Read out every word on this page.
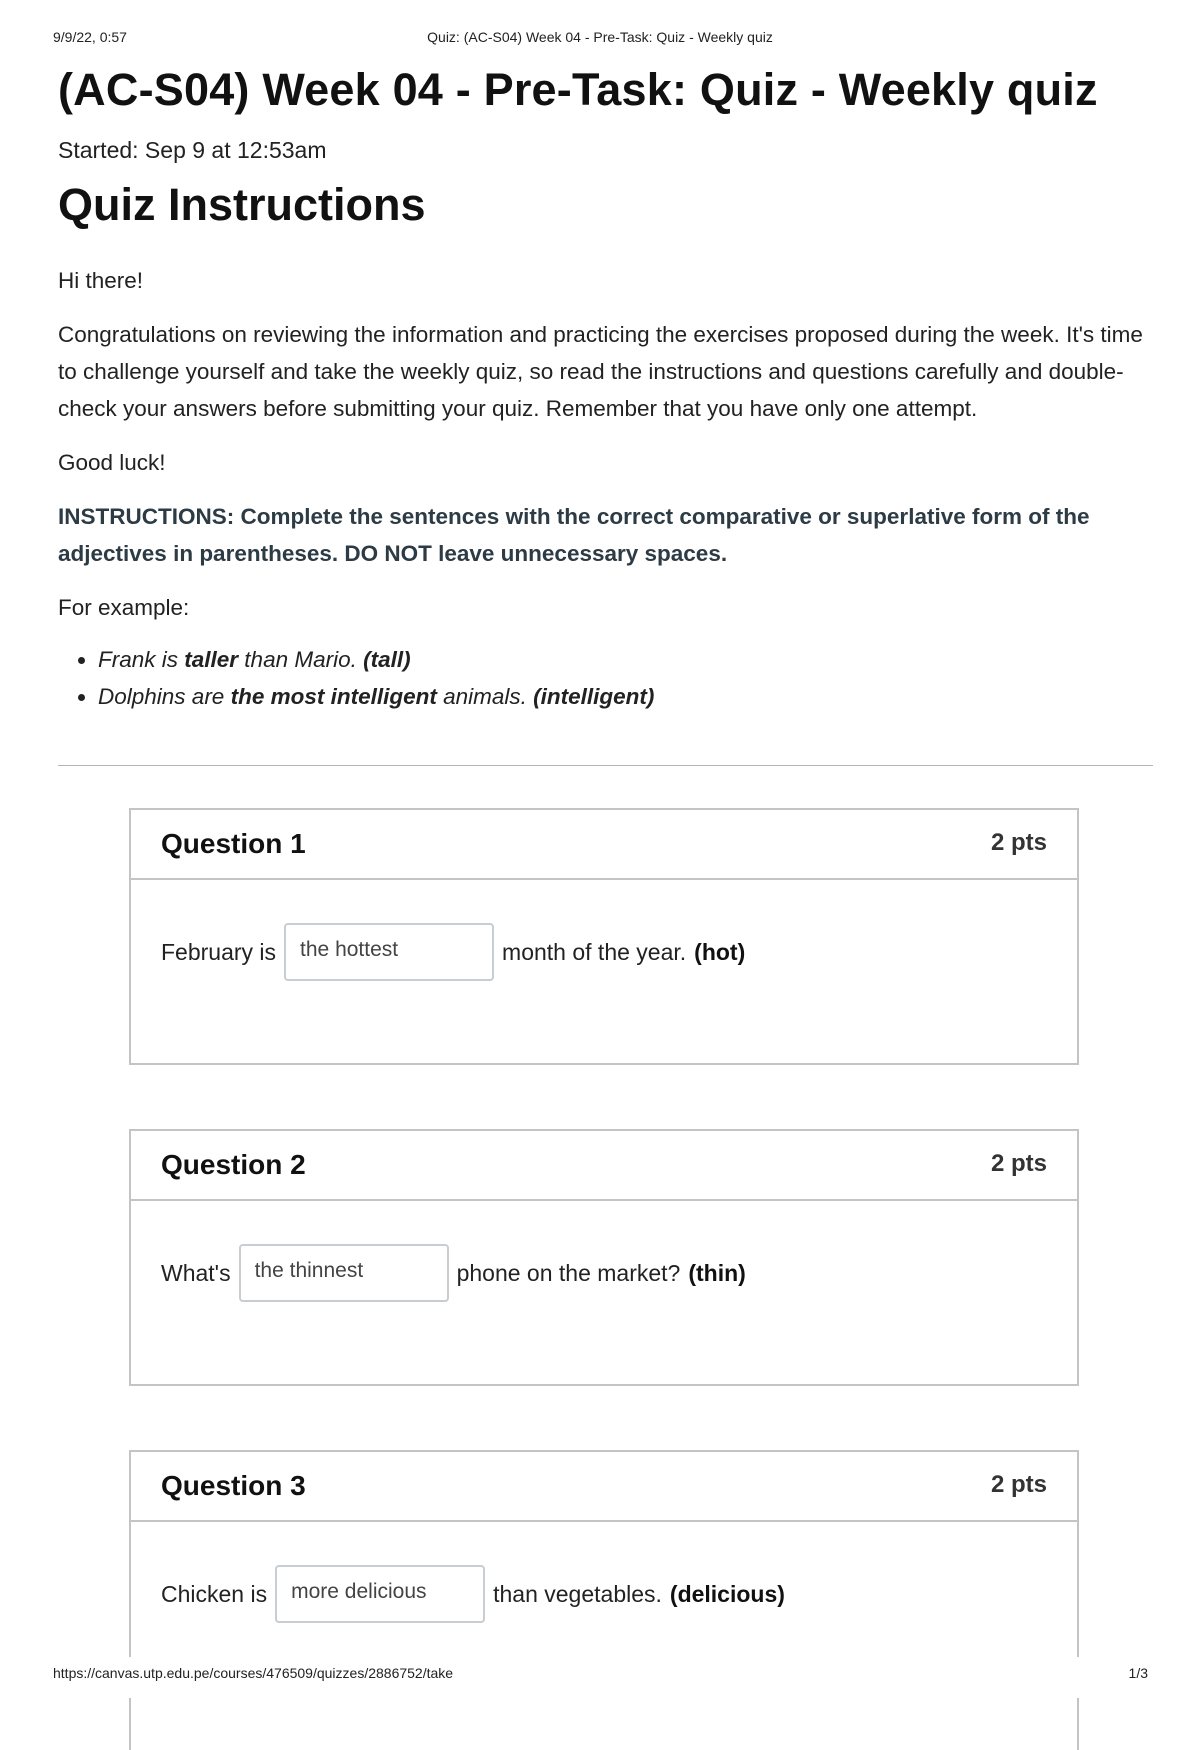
9/9/22, 0:57	Quiz: (AC-S04) Week 04 - Pre-Task: Quiz - Weekly quiz
(AC-S04) Week 04 - Pre-Task: Quiz - Weekly quiz
Started: Sep 9 at 12:53am
Quiz Instructions

Hi there!

Congratulations on reviewing the information and practicing the exercises proposed during the week. It's time to challenge yourself and take the weekly quiz, so read the instructions and questions carefully and double-check your answers before submitting your quiz. Remember that you have only one attempt.

Good luck!

INSTRUCTIONS: Complete the sentences with the correct comparative or superlative form of the adjectives in parentheses. DO NOT leave unnecessary spaces.

For example:

• Frank is taller than Mario. (tall)
• Dolphins are the most intelligent animals. (intelligent)
Question 1	2 pts
February is	the hottest	month of the year. (hot)
Question 2	2 pts
What's	the thinnest	phone on the market? (thin)
Question 3	2 pts
Chicken is	more delicious	than vegetables. (delicious)
https://canvas.utp.edu.pe/courses/476509/quizzes/2886752/take	1/3
